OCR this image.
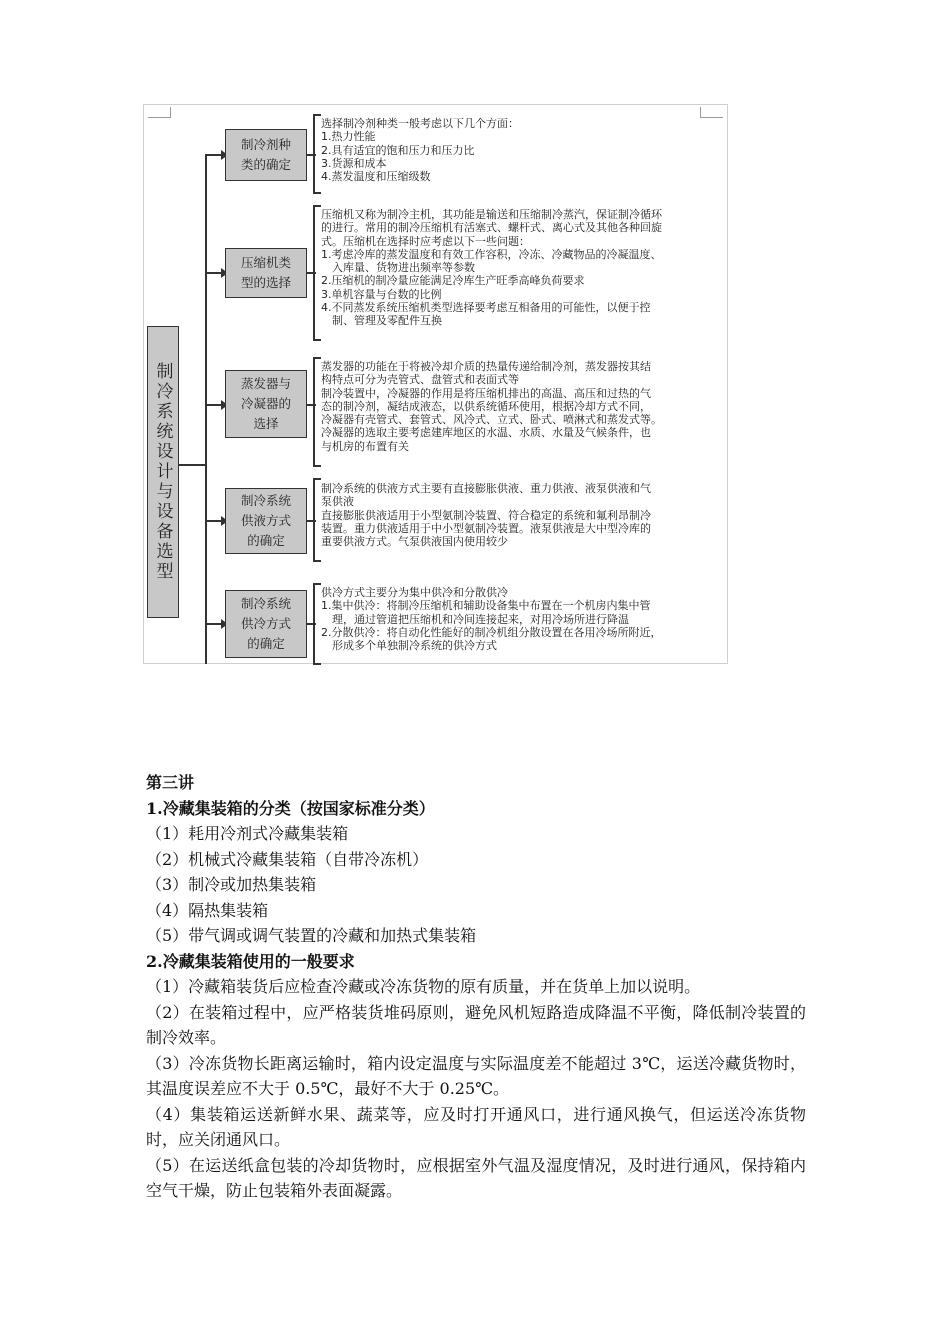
制冷系统设计与设备选型
制冷剂种
类的确定
选择制冷剂种类一般考虑以下几个方面：
1.热力性能
2.具有适宜的饱和压力和压力比
3.货源和成本
4.蒸发温度和压缩级数
压缩机类
型的选择
压缩机又称为制冷主机，其功能是输送和压缩制冷蒸汽，保证制冷循环
的进行。常用的制冷压缩机有活塞式、螺杆式、离心式及其他各种回旋
式。压缩机在选择时应考虑以下一些问题：
1.考虑冷库的蒸发温度和有效工作容积，冷冻、冷藏物品的冷凝温度、
入库量、货物进出频率等参数
2.压缩机的制冷量应能满足冷库生产旺季高峰负荷要求
3.单机容量与台数的比例
4.不同蒸发系统压缩机类型选择要考虑互相备用的可能性，以便于控
制、管理及零配件互换
蒸发器与
冷凝器的
选择
蒸发器的功能在于将被冷却介质的热量传递给制冷剂，蒸发器按其结
构特点可分为壳管式、盘管式和表面式等
制冷装置中，冷凝器的作用是将压缩机排出的高温、高压和过热的气
态的制冷剂，凝结成液态，以供系统循环使用，根据冷却方式不同，
冷凝器有壳管式、套管式、风冷式、立式、卧式、喷淋式和蒸发式等。
冷凝器的选取主要考虑建库地区的水温、水质、水量及气候条件，也
与机房的布置有关
制冷系统
供液方式
的确定
制冷系统的供液方式主要有直接膨胀供液、重力供液、液泵供液和气
泵供液
直接膨胀供液适用于小型氨制冷装置、符合稳定的系统和氟利昂制冷
装置。重力供液适用于中小型氨制冷装置。液泵供液是大中型冷库的
重要供液方式。气泵供液国内使用较少
制冷系统
供冷方式
的确定
供冷方式主要分为集中供冷和分散供冷
1.集中供冷：将制冷压缩机和辅助设备集中布置在一个机房内集中管
理，通过管道把压缩机和冷间连接起来，对用冷场所进行降温
2.分散供冷：将自动化性能好的制冷机组分散设置在各用冷场所附近，
形成多个单独制冷系统的供冷方式
第三讲
1.冷藏集装箱的分类（按国家标准分类）
（1）耗用冷剂式冷藏集装箱
（2）机械式冷藏集装箱（自带冷冻机）
（3）制冷或加热集装箱
（4）隔热集装箱
（5）带气调或调气装置的冷藏和加热式集装箱
2.冷藏集装箱使用的一般要求
（1）冷藏箱装货后应检查冷藏或冷冻货物的原有质量，并在货单上加以说明。
（2）在装箱过程中，应严格装货堆码原则，避免风机短路造成降温不平衡，降低制冷装置的制冷效率。
（3）冷冻货物长距离运输时，箱内设定温度与实际温度差不能超过 3℃，运送冷藏货物时，其温度误差应不大于 0.5℃，最好不大于 0.25℃。
（4）集装箱运送新鲜水果、蔬菜等，应及时打开通风口，进行通风换气，但运送冷冻货物时，应关闭通风口。
（5）在运送纸盒包装的冷却货物时，应根据室外气温及湿度情况，及时进行通风，保持箱内空气干燥，防止包装箱外表面凝露。
